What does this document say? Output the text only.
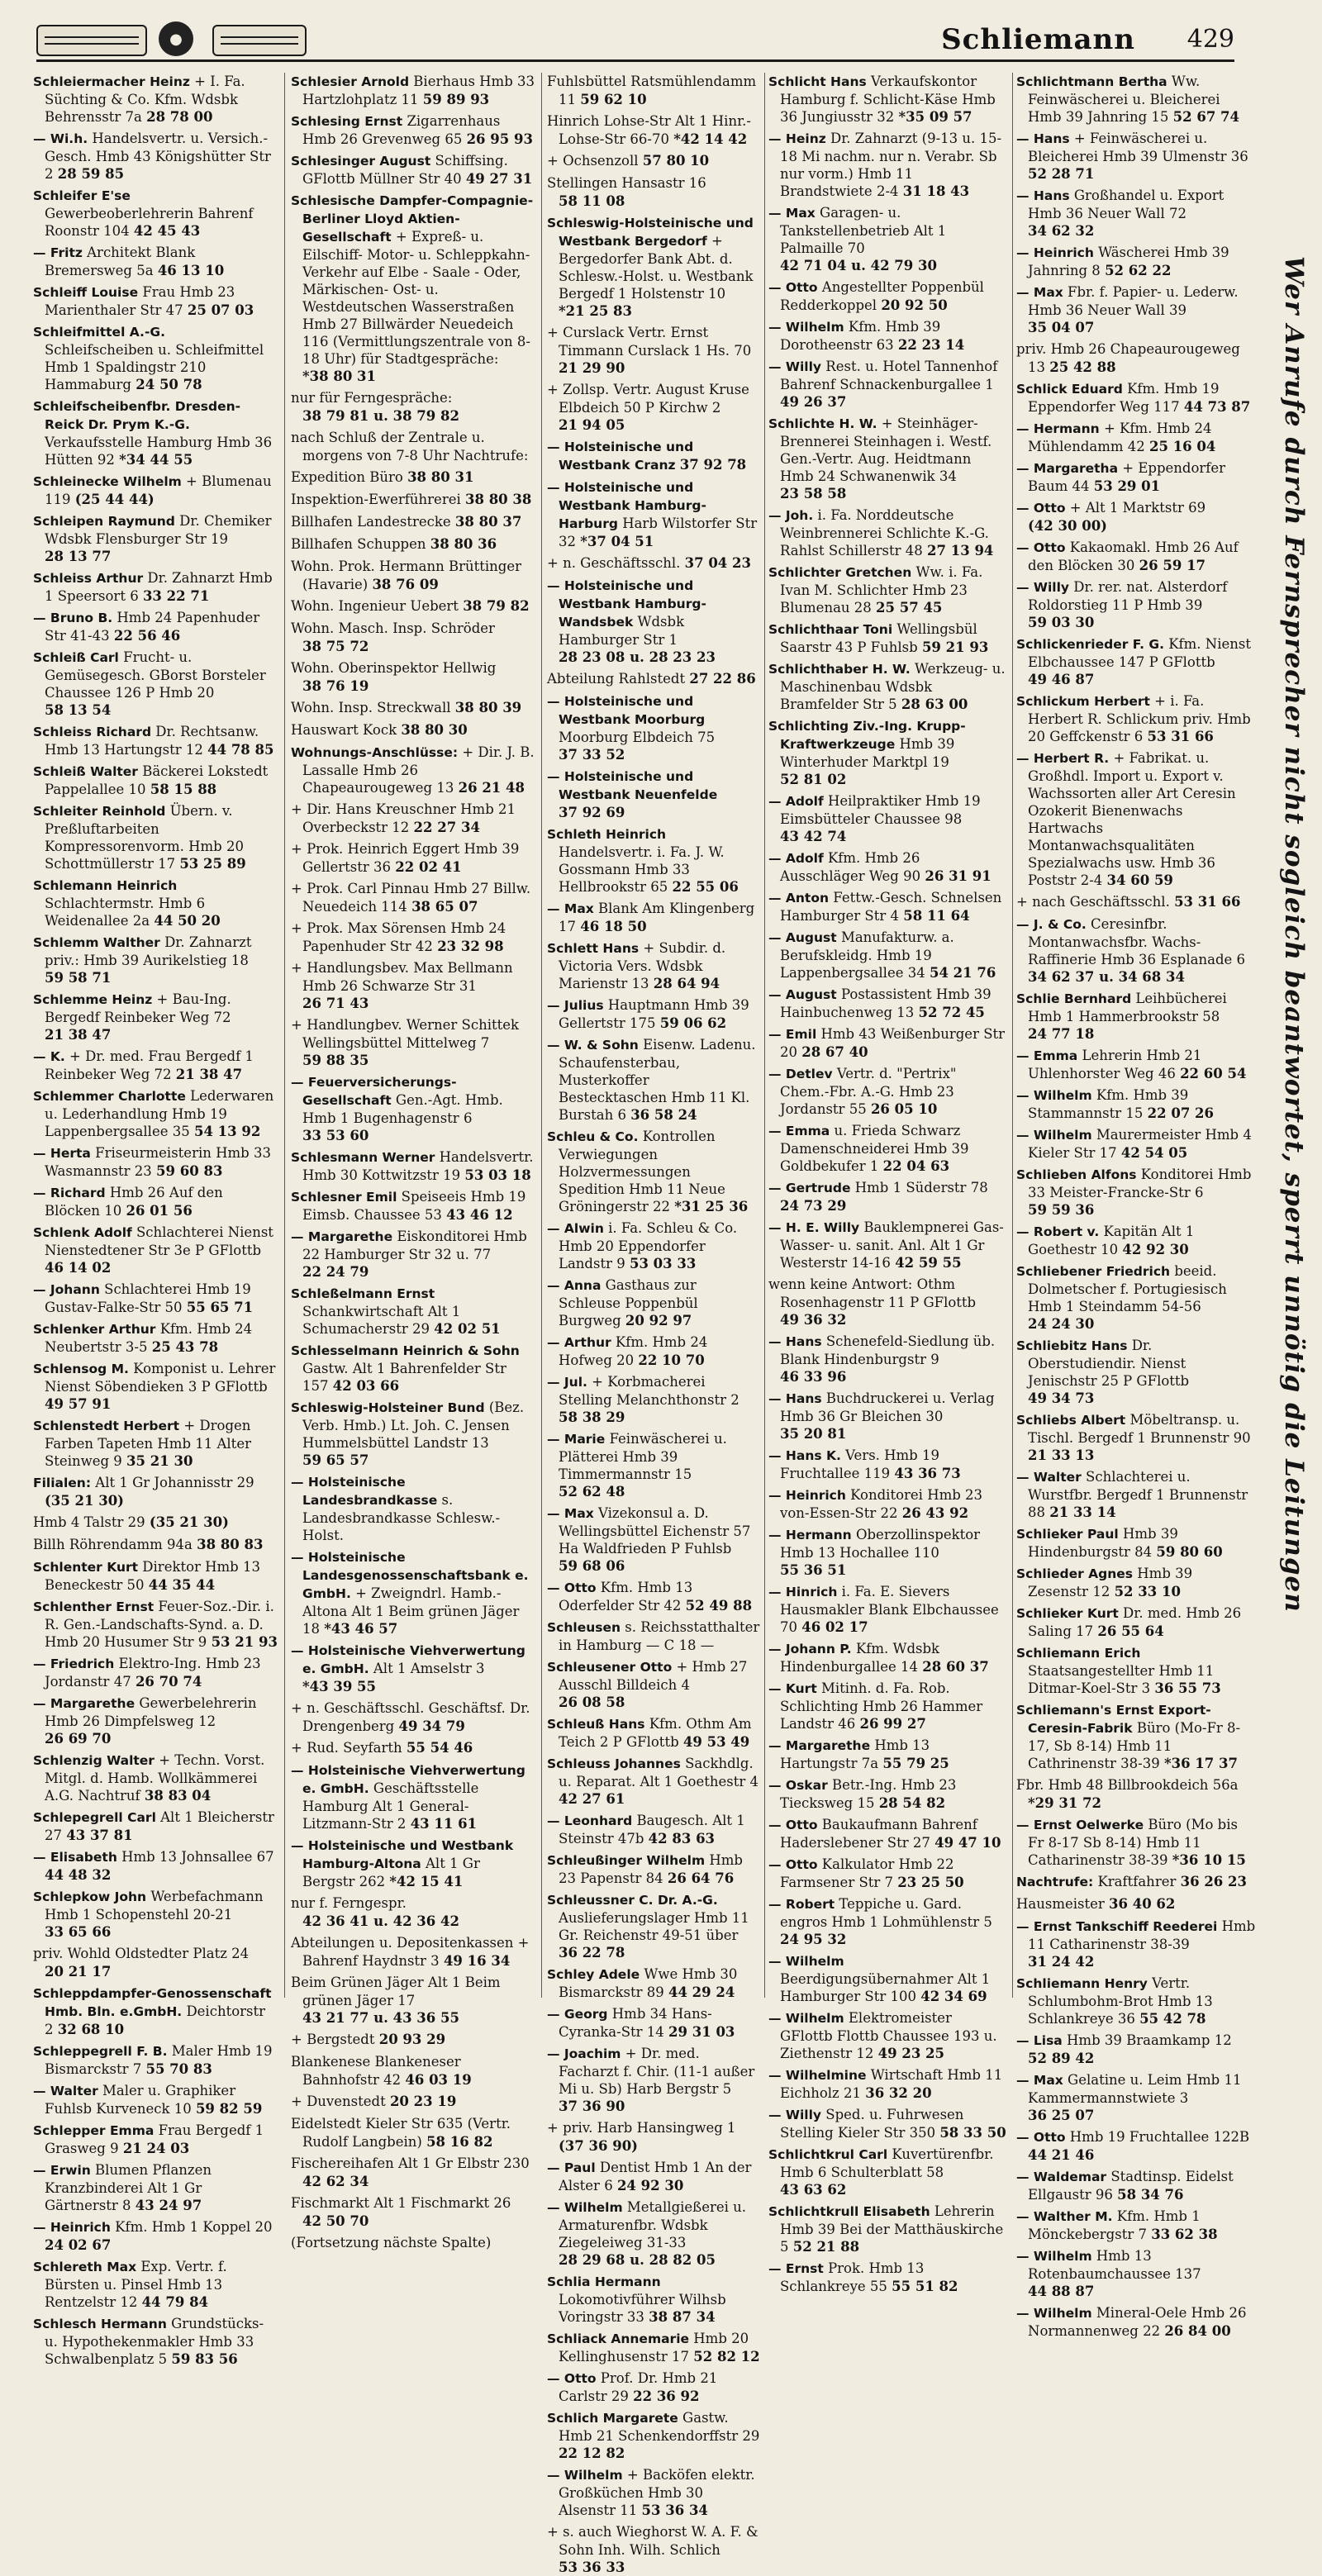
●	Schliemann 429
Schleiermacher Heinz + I. Fa. Süchting & Co. Kfm. Wdsbk Behrensstr 7a 28 78 00
— Wi.h. Handelsvertr. u. Versich.-Gesch. Hmb 43 Königshütter Str 2 28 59 85
Schleifer E'se Gewerbeoberlehrerin Bahrenf Roonstr 104 42 45 43
— Fritz Architekt Blank Bremersweg 5a 46 13 10
Schleiff Louise Frau Hmb 23 Marienthaler Str 47 25 07 03
Schleifmittel A.-G. Schleifscheiben u. Schleifmittel Hmb 1 Spaldingstr 210 Hammaburg 24 50 78
Schleifscheibenfbr. Dresden-Reick Dr. Prym K.-G. Verkaufsstelle Hamburg Hmb 36 Hütten 92 *34 44 55
Schleinecke Wilhelm + Blumenau 119 (25 44 44)
Schleipen Raymund Dr. Chemiker Wdsbk Flensburger Str 19 28 13 77
Schleiss Arthur Dr. Zahnarzt Hmb 1 Speersort 6 33 22 71
— Bruno B. Hmb 24 Papenhuder Str 41-43 22 56 46
Schleiß Carl Frucht- u. Gemüsegesch. GBorst Borsteler Chaussee 126 P Hmb 20 58 13 54
Schleiss Richard Dr. Rechtsanw. Hmb 13 Hartungstr 12 44 78 85
Schleiß Walter Bäckerei Lokstedt Pappelallee 10 58 15 88
Schleiter Reinhold Übern. v. Preßluftarbeiten Kompressorenvorm. Hmb 20 Schottmüllerstr 17 53 25 89
Schlemann Heinrich Schlachtermstr. Hmb 6 Weidenallee 2a 44 50 20
Schlemm Walther Dr. Zahnarzt priv.: Hmb 39 Aurikelstieg 18 59 58 71
Schlemme Heinz + Bau-Ing. Bergedf Reinbeker Weg 72 21 38 47
— K. + Dr. med. Frau Bergedf 1 Reinbeker Weg 72 21 38 47
Schlemmer Charlotte Lederwaren u. Lederhandlung Hmb 19 Lappenbergsallee 35 54 13 92
— Herta Friseurmeisterin Hmb 33 Wasmannstr 23 59 60 83
— Richard Hmb 26 Auf den Blöcken 10 26 01 56
Schlenk Adolf Schlachterei Nienst Nienstedtener Str 3e P GFlottb 46 14 02
— Johann Schlachterei Hmb 19 Gustav-Falke-Str 50 55 65 71
Schlenker Arthur Kfm. Hmb 24 Neubertstr 3-5 25 43 78
Schlensog M. Komponist u. Lehrer Nienst Söbendieken 3 P GFlottb 49 57 91
Schlenstedt Herbert + Drogen Farben Tapeten Hmb 11 Alter Steinweg 9 35 21 30
Filialen: Alt 1 Gr Johannisstr 29 (35 21 30)
Hmb 4 Talstr 29 (35 21 30)
Billh Röhrendamm 94a 38 80 83
Schlenter Kurt Direktor Hmb 13 Beneckestr 50 44 35 44
Schlenther Ernst Feuer-Soz.-Dir. i. R. Gen.-Landschafts-Synd. a. D. Hmb 20 Husumer Str 9 53 21 93
— Friedrich Elektro-Ing. Hmb 23 Jordanstr 47 26 70 74
— Margarethe Gewerbelehrerin Hmb 26 Dimpfelsweg 12 26 69 70
Schlenzig Walter + Techn. Vorst. Mitgl. d. Hamb. Wollkämmerei A.G. Nachtruf 38 83 04
Schlepegrell Carl Alt 1 Bleicherstr 27 43 37 81
— Elisabeth Hmb 13 Johnsallee 67 44 48 32
Schlepkow John Werbefachmann Hmb 1 Schopenstehl 20-21 33 65 66
priv. Wohld Oldstedter Platz 24 20 21 17
Schleppdampfer-Genossenschaft Hmb. Bln. e.GmbH. Deichtorstr 2 32 68 10
Schleppegrell F. B. Maler Hmb 19 Bismarckstr 7 55 70 83
— Walter Maler u. Graphiker Fuhlsb Kurveneck 10 59 82 59
Schlepper Emma Frau Bergedf 1 Grasweg 9 21 24 03
— Erwin Blumen Pflanzen Kranzbinderei Alt 1 Gr Gärtnerstr 8 43 24 97
— Heinrich Kfm. Hmb 1 Koppel 20 24 02 67
Schlereth Max Exp. Vertr. f. Bürsten u. Pinsel Hmb 13 Rentzelstr 12 44 79 84
Schlesch Hermann Grundstücks- u. Hypothekenmakler Hmb 33 Schwalbenplatz 5 59 83 56
Schlesier Arnold Bierhaus Hmb 33 Hartzlohplatz 11 59 89 93
Schlesing Ernst Zigarrenhaus Hmb 26 Grevenweg 65 26 95 93
Schlesinger August Schiffsing. GFlottb Müllner Str 40 49 27 31
Schlesische Dampfer-Compagnie-Berliner Lloyd Aktien-Gesellschaft + Expreß- u. Eilschiff- Motor- u. Schleppkahn-Verkehr auf Elbe - Saale - Oder, Märkischen- Ost- u. Westdeutschen Wasserstraßen Hmb 27 Billwärder Neuedeich 116 (Vermittlungszentrale von 8-18 Uhr) für Stadtgespräche: *38 80 31
nur für Ferngespräche: 38 79 81 u. 38 79 82
nach Schluß der Zentrale u. morgens von 7-8 Uhr Nachtrufe:
Expedition Büro 38 80 31
Inspektion-Ewerführerei 38 80 38
Billhafen Landestrecke 38 80 37
Billhafen Schuppen 38 80 36
Wohn. Prok. Hermann Brüttinger (Havarie) 38 76 09
Wohn. Ingenieur Uebert 38 79 82
Wohn. Masch. Insp. Schröder 38 75 72
Wohn. Oberinspektor Hellwig 38 76 19
Wohn. Insp. Streckwall 38 80 39
Hauswart Kock 38 80 30
Wohnungs-Anschlüsse: + Dir. J. B. Lassalle Hmb 26 Chapeaurougeweg 13 26 21 48
+ Dir. Hans Kreuschner Hmb 21 Overbeckstr 12 22 27 34
+ Prok. Heinrich Eggert Hmb 39 Gellertstr 36 22 02 41
+ Prok. Carl Pinnau Hmb 27 Billw. Neuedeich 114 38 65 07
+ Prok. Max Sörensen Hmb 24 Papenhuder Str 42 23 32 98
+ Handlungsbev. Max Bellmann Hmb 26 Schwarze Str 31 26 71 43
+ Handlungbev. Werner Schittek Wellingsbüttel Mittelweg 7 59 88 35
— Feuerversicherungs-Gesellschaft Gen.-Agt. Hmb. Hmb 1 Bugenhagenstr 6 33 53 60
Schlesmann Werner Handelsvertr. Hmb 30 Kottwitzstr 19 53 03 18
Schlesner Emil Speiseeis Hmb 19 Eimsb. Chaussee 53 43 46 12
— Margarethe Eiskonditorei Hmb 22 Hamburger Str 32 u. 77 22 24 79
Schleßelmann Ernst Schankwirtschaft Alt 1 Schumacherstr 29 42 02 51
Schlesselmann Heinrich & Sohn Gastw. Alt 1 Bahrenfelder Str 157 42 03 66
Schleswig-Holsteiner Bund (Bez. Verb. Hmb.) Lt. Joh. C. Jensen Hummelsbüttel Landstr 13 59 65 57
— Holsteinische Landesbrandkasse s. Landesbrandkasse Schlesw.-Holst.
— Holsteinische Landesgenossenschaftsbank e. GmbH. + Zweigndrl. Hamb.-Altona Alt 1 Beim grünen Jäger 18 *43 46 57
— Holsteinische Viehverwertung e. GmbH. Alt 1 Amselstr 3 *43 39 55
+ n. Geschäftsschl. Geschäftsf. Dr. Drengenberg 49 34 79
+ Rud. Seyfarth 55 54 46
— Holsteinische Viehverwertung e. GmbH. Geschäftsstelle Hamburg Alt 1 General-Litzmann-Str 2 43 11 61
— Holsteinische und Westbank Hamburg-Altona Alt 1 Gr Bergstr 262 *42 15 41
nur f. Ferngespr. 42 36 41 u. 42 36 42
Abteilungen u. Depositenkassen + Bahrenf Haydnstr 3 49 16 34
Beim Grünen Jäger Alt 1 Beim grünen Jäger 17 43 21 77 u. 43 36 55
+ Bergstedt 20 93 29
Blankenese Blankeneser Bahnhofstr 42 46 03 19
+ Duvenstedt 20 23 19
Eidelstedt Kieler Str 635 (Vertr. Rudolf Langbein) 58 16 82
Fischereihafen Alt 1 Gr Elbstr 230 42 62 34
Fischmarkt Alt 1 Fischmarkt 26 42 50 70
(Fortsetzung nächste Spalte)
Fuhlsbüttel Ratsmühlendamm 11 59 62 10
Hinrich Lohse-Str Alt 1 Hinr.-Lohse-Str 66-70 *42 14 42
+ Ochsenzoll 57 80 10
Stellingen Hansastr 16 58 11 08
Schleswig-Holsteinische und Westbank Bergedorf + Bergedorfer Bank Abt. d. Schlesw.-Holst. u. Westbank Bergedf 1 Holstenstr 10 *21 25 83
+ Curslack Vertr. Ernst Timmann Curslack 1 Hs. 70 21 29 90
+ Zollsp. Vertr. August Kruse Elbdeich 50 P Kirchw 2 21 94 05
— Holsteinische und Westbank Cranz 37 92 78
— Holsteinische und Westbank Hamburg-Harburg Harb Wilstorfer Str 32 *37 04 51
+ n. Geschäftsschl. 37 04 23
— Holsteinische und Westbank Hamburg-Wandsbek Wdsbk Hamburger Str 1 28 23 08 u. 28 23 23
Abteilung Rahlstedt 27 22 86
— Holsteinische und Westbank Moorburg Moorburg Elbdeich 75 37 33 52
— Holsteinische und Westbank Neuenfelde 37 92 69
Schleth Heinrich Handelsvertr. i. Fa. J. W. Gossmann Hmb 33 Hellbrookstr 65 22 55 06
— Max Blank Am Klingenberg 17 46 18 50
Schlett Hans + Subdir. d. Victoria Vers. Wdsbk Marienstr 13 28 64 94
— Julius Hauptmann Hmb 39 Gellertstr 175 59 06 62
— W. & Sohn Eisenw. Ladenu. Schaufensterbau, Musterkoffer Bestecktaschen Hmb 11 Kl. Burstah 6 36 58 24
Schleu & Co. Kontrollen Verwiegungen Holzvermessungen Spedition Hmb 11 Neue Gröningerstr 22 *31 25 36
— Alwin i. Fa. Schleu & Co. Hmb 20 Eppendorfer Landstr 9 53 03 33
— Anna Gasthaus zur Schleuse Poppenbül Burgweg 20 92 97
— Arthur Kfm. Hmb 24 Hofweg 20 22 10 70
— Jul. + Korbmacherei Stelling Melanchthonstr 2 58 38 29
— Marie Feinwäscherei u. Plätterei Hmb 39 Timmermannstr 15 52 62 48
— Max Vizekonsul a. D. Wellingsbüttel Eichenstr 57 Ha Waldfrieden P Fuhlsb 59 68 06
— Otto Kfm. Hmb 13 Oderfelder Str 42 52 49 88
Schleusen s. Reichsstatthalter in Hamburg — C 18 —
Schleusener Otto + Hmb 27 Ausschl Billdeich 4 26 08 58
Schleuß Hans Kfm. Othm Am Teich 2 P GFlottb 49 53 49
Schleuss Johannes Sackhdlg. u. Reparat. Alt 1 Goethestr 4 42 27 61
— Leonhard Baugesch. Alt 1 Steinstr 47b 42 83 63
Schleußinger Wilhelm Hmb 23 Papenstr 84 26 64 76
Schleussner C. Dr. A.-G. Auslieferungslager Hmb 11 Gr. Reichenstr 49-51 über 36 22 78
Schley Adele Wwe Hmb 30 Bismarckstr 89 44 29 24
— Georg Hmb 34 Hans-Cyranka-Str 14 29 31 03
— Joachim + Dr. med. Facharzt f. Chir. (11-1 außer Mi u. Sb) Harb Bergstr 5 37 36 90
+ priv. Harb Hansingweg 1 (37 36 90)
— Paul Dentist Hmb 1 An der Alster 6 24 92 30
— Wilhelm Metallgießerei u. Armaturenfbr. Wdsbk Ziegeleiweg 31-33 28 29 68 u. 28 82 05
Schlia Hermann Lokomotivführer Wilhsb Voringstr 33 38 87 34
Schliack Annemarie Hmb 20 Kellinghusenstr 17 52 82 12
— Otto Prof. Dr. Hmb 21 Carlstr 29 22 36 92
Schlich Margarete Gastw. Hmb 21 Schenkendorffstr 29 22 12 82
— Wilhelm + Backöfen elektr. Großküchen Hmb 30 Alsenstr 11 53 36 34
+ s. auch Wieghorst W. A. F. & Sohn Inh. Wilh. Schlich 53 36 33
Schlicht Hans Verkaufskontor Hamburg f. Schlicht-Käse Hmb 36 Jungiusstr 32 *35 09 57
— Heinz Dr. Zahnarzt (9-13 u. 15-18 Mi nachm. nur n. Verabr. Sb nur vorm.) Hmb 11 Brandstwiete 2-4 31 18 43
— Max Garagen- u. Tankstellenbetrieb Alt 1 Palmaille 70 42 71 04 u. 42 79 30
— Otto Angestellter Poppenbül Redderkoppel 20 92 50
— Wilhelm Kfm. Hmb 39 Dorotheenstr 63 22 23 14
— Willy Rest. u. Hotel Tannenhof Bahrenf Schnackenburgallee 1 49 26 37
Schlichte H. W. + Steinhäger-Brennerei Steinhagen i. Westf. Gen.-Vertr. Aug. Heidtmann Hmb 24 Schwanenwik 34 23 58 58
— Joh. i. Fa. Norddeutsche Weinbrennerei Schlichte K.-G. Rahlst Schillerstr 48 27 13 94
Schlichter Gretchen Ww. i. Fa. Ivan M. Schlichter Hmb 23 Blumenau 28 25 57 45
Schlichthaar Toni Wellingsbül Saarstr 43 P Fuhlsb 59 21 93
Schlichthaber H. W. Werkzeug- u. Maschinenbau Wdsbk Bramfelder Str 5 28 63 00
Schlichting Ziv.-Ing. Krupp-Kraftwerkzeuge Hmb 39 Winterhuder Marktpl 19 52 81 02
— Adolf Heilpraktiker Hmb 19 Eimsbütteler Chaussee 98 43 42 74
— Adolf Kfm. Hmb 26 Ausschläger Weg 90 26 31 91
— Anton Fettw.-Gesch. Schnelsen Hamburger Str 4 58 11 64
— August Manufakturw. a. Berufskleidg. Hmb 19 Lappenbergsallee 34 54 21 76
— August Postassistent Hmb 39 Hainbuchenweg 13 52 72 45
— Emil Hmb 43 Weißenburger Str 20 28 67 40
— Detlev Vertr. d. "Pertrix" Chem.-Fbr. A.-G. Hmb 23 Jordanstr 55 26 05 10
— Emma u. Frieda Schwarz Damenschneiderei Hmb 39 Goldbekufer 1 22 04 63
— Gertrude Hmb 1 Süderstr 78 24 73 29
— H. E. Willy Bauklempnerei Gas- Wasser- u. sanit. Anl. Alt 1 Gr Westerstr 14-16 42 59 55
wenn keine Antwort: Othm Rosenhagenstr 11 P GFlottb 49 36 32
— Hans Schenefeld-Siedlung üb. Blank Hindenburgstr 9 46 33 96
— Hans Buchdruckerei u. Verlag Hmb 36 Gr Bleichen 30 35 20 81
— Hans K. Vers. Hmb 19 Fruchtallee 119 43 36 73
— Heinrich Konditorei Hmb 23 von-Essen-Str 22 26 43 92
— Hermann Oberzollinspektor Hmb 13 Hochallee 110 55 36 51
— Hinrich i. Fa. E. Sievers Hausmakler Blank Elbchaussee 70 46 02 17
— Johann P. Kfm. Wdsbk Hindenburgallee 14 28 60 37
— Kurt Mitinh. d. Fa. Rob. Schlichting Hmb 26 Hammer Landstr 46 26 99 27
— Margarethe Hmb 13 Hartungstr 7a 55 79 25
— Oskar Betr.-Ing. Hmb 23 Tiecksweg 15 28 54 82
— Otto Baukaufmann Bahrenf Haderslebener Str 27 49 47 10
— Otto Kalkulator Hmb 22 Farmsener Str 7 23 25 50
— Robert Teppiche u. Gard. engros Hmb 1 Lohmühlenstr 5 24 95 32
— Wilhelm Beerdigungsübernahmer Alt 1 Hamburger Str 100 42 34 69
— Wilhelm Elektromeister GFlottb Flottb Chaussee 193 u. Ziethenstr 12 49 23 25
— Wilhelmine Wirtschaft Hmb 11 Eichholz 21 36 32 20
— Willy Sped. u. Fuhrwesen Stelling Kieler Str 350 58 33 50
Schlichtkrul Carl Kuvertürenfbr. Hmb 6 Schulterblatt 58 43 63 62
Schlichtkrull Elisabeth Lehrerin Hmb 39 Bei der Matthäuskirche 5 52 21 88
— Ernst Prok. Hmb 13 Schlankreye 55 55 51 82
Schlichtmann Bertha Ww. Feinwäscherei u. Bleicherei Hmb 39 Jahnring 15 52 67 74
— Hans + Feinwäscherei u. Bleicherei Hmb 39 Ulmenstr 36 52 28 71
— Hans Großhandel u. Export Hmb 36 Neuer Wall 72 34 62 32
— Heinrich Wäscherei Hmb 39 Jahnring 8 52 62 22
— Max Fbr. f. Papier- u. Lederw. Hmb 36 Neuer Wall 39 35 04 07
priv. Hmb 26 Chapeaurougeweg 13 25 42 88
Schlick Eduard Kfm. Hmb 19 Eppendorfer Weg 117 44 73 87
— Hermann + Kfm. Hmb 24 Mühlendamm 42 25 16 04
— Margaretha + Eppendorfer Baum 44 53 29 01
— Otto + Alt 1 Marktstr 69 (42 30 00)
— Otto Kakaomakl. Hmb 26 Auf den Blöcken 30 26 59 17
— Willy Dr. rer. nat. Alsterdorf Roldorstieg 11 P Hmb 39 59 03 30
Schlickenrieder F. G. Kfm. Nienst Elbchaussee 147 P GFlottb 49 46 87
Schlickum Herbert + i. Fa. Herbert R. Schlickum priv. Hmb 20 Geffckenstr 6 53 31 66
— Herbert R. + Fabrikat. u. Großhdl. Import u. Export v. Wachssorten aller Art Ceresin Ozokerit Bienenwachs Hartwachs Montanwachsqualitäten Spezialwachs usw. Hmb 36 Poststr 2-4 34 60 59
+ nach Geschäftsschl. 53 31 66
— J. & Co. Ceresinfbr. Montanwachsfbr. Wachs-Raffinerie Hmb 36 Esplanade 6 34 62 37 u. 34 68 34
Schlie Bernhard Leihbücherei Hmb 1 Hammerbrookstr 58 24 77 18
— Emma Lehrerin Hmb 21 Uhlenhorster Weg 46 22 60 54
— Wilhelm Kfm. Hmb 39 Stammannstr 15 22 07 26
— Wilhelm Maurermeister Hmb 4 Kieler Str 17 42 54 05
Schlieben Alfons Konditorei Hmb 33 Meister-Francke-Str 6 59 59 36
— Robert v. Kapitän Alt 1 Goethestr 10 42 92 30
Schliebener Friedrich beeid. Dolmetscher f. Portugiesisch Hmb 1 Steindamm 54-56 24 24 30
Schliebitz Hans Dr. Oberstudiendir. Nienst Jenischstr 25 P GFlottb 49 34 73
Schliebs Albert Möbeltransp. u. Tischl. Bergedf 1 Brunnenstr 90 21 33 13
— Walter Schlachterei u. Wurstfbr. Bergedf 1 Brunnenstr 88 21 33 14
Schlieker Paul Hmb 39 Hindenburgstr 84 59 80 60
Schlieder Agnes Hmb 39 Zesenstr 12 52 33 10
Schlieker Kurt Dr. med. Hmb 26 Saling 17 26 55 64
Schliemann Erich Staatsangestellter Hmb 11 Ditmar-Koel-Str 3 36 55 73
Schliemann's Ernst Export-Ceresin-Fabrik Büro (Mo-Fr 8-17, Sb 8-14) Hmb 11 Cathrinenstr 38-39 *36 17 37
Fbr. Hmb 48 Billbrookdeich 56a *29 31 72
— Ernst Oelwerke Büro (Mo bis Fr 8-17 Sb 8-14) Hmb 11 Catharinenstr 38-39 *36 10 15
Nachtrufe: Kraftfahrer 36 26 23
Hausmeister 36 40 62
— Ernst Tankschiff Reederei Hmb 11 Catharinenstr 38-39 31 24 42
Schliemann Henry Vertr. Schlumbohm-Brot Hmb 13 Schlankreye 36 55 42 78
— Lisa Hmb 39 Braamkamp 12 52 89 42
— Max Gelatine u. Leim Hmb 11 Kammermannstwiete 3 36 25 07
— Otto Hmb 19 Fruchtallee 122B 44 21 46
— Waldemar Stadtinsp. Eidelst Ellgaustr 96 58 34 76
— Walther M. Kfm. Hmb 1 Mönckebergstr 7 33 62 38
— Wilhelm Hmb 13 Rotenbaumchaussee 137 44 88 87
— Wilhelm Mineral-Oele Hmb 26 Normannenweg 22 26 84 00
Wer Anrufe durch Fernsprecher nicht sogleich beantwortet, sperrt unnötig die Leitungen
